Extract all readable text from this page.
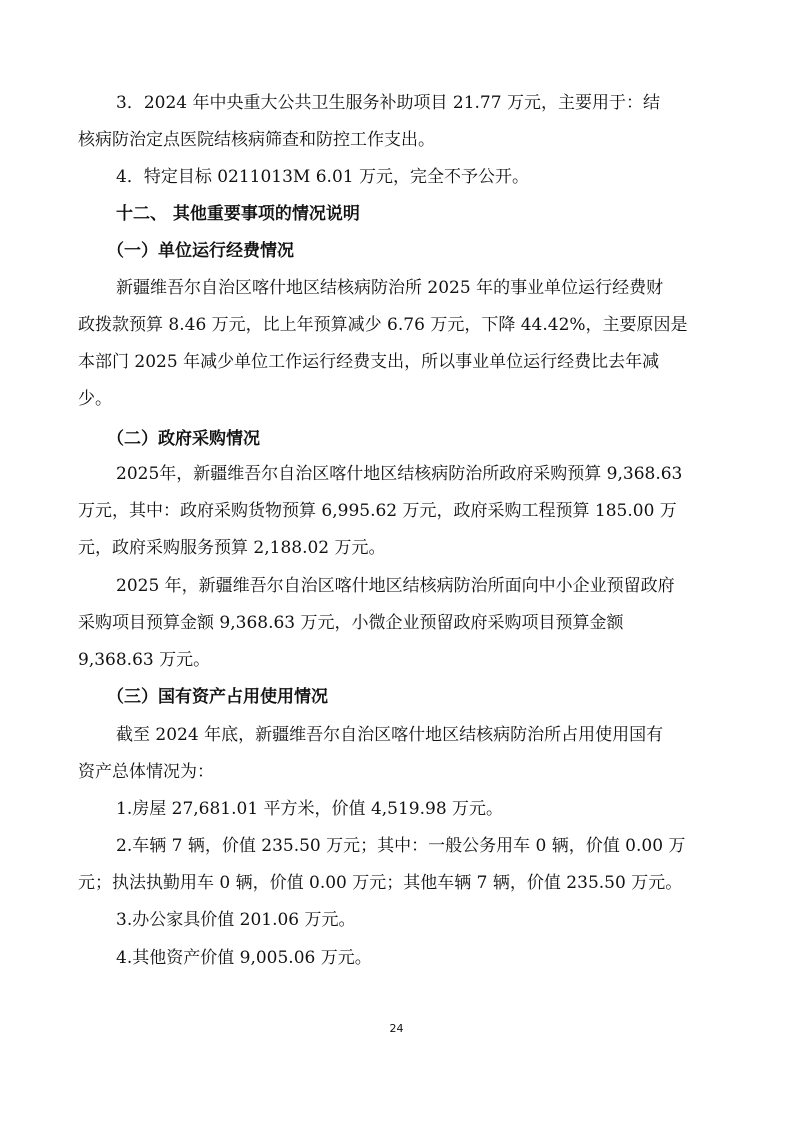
3．2024 年中央重大公共卫生服务补助项目 21.77 万元，主要用于：结
核病防治定点医院结核病筛查和防控工作支出。
4．特定目标 0211013M 6.01 万元，完全不予公开。
十二、 其他重要事项的情况说明
（一）单位运行经费情况
新疆维吾尔自治区喀什地区结核病防治所 2025 年的事业单位运行经费财
政拨款预算 8.46 万元，比上年预算减少 6.76 万元，下降 44.42%，主要原因是
本部门 2025 年减少单位工作运行经费支出，所以事业单位运行经费比去年减
少。
（二）政府采购情况
2025年，新疆维吾尔自治区喀什地区结核病防治所政府采购预算 9,368.63
万元，其中：政府采购货物预算 6,995.62 万元，政府采购工程预算 185.00 万
元，政府采购服务预算 2,188.02 万元。
2025 年，新疆维吾尔自治区喀什地区结核病防治所面向中小企业预留政府
采购项目预算金额 9,368.63 万元，小微企业预留政府采购项目预算金额
9,368.63 万元。
（三）国有资产占用使用情况
截至 2024 年底，新疆维吾尔自治区喀什地区结核病防治所占用使用国有
资产总体情况为：
1.房屋 27,681.01 平方米，价值 4,519.98 万元。
2.车辆 7 辆，价值 235.50 万元；其中：一般公务用车 0 辆，价值 0.00 万
元；执法执勤用车 0 辆，价值 0.00 万元；其他车辆 7 辆，价值 235.50 万元。
3.办公家具价值 201.06 万元。
4.其他资产价值 9,005.06 万元。
24
